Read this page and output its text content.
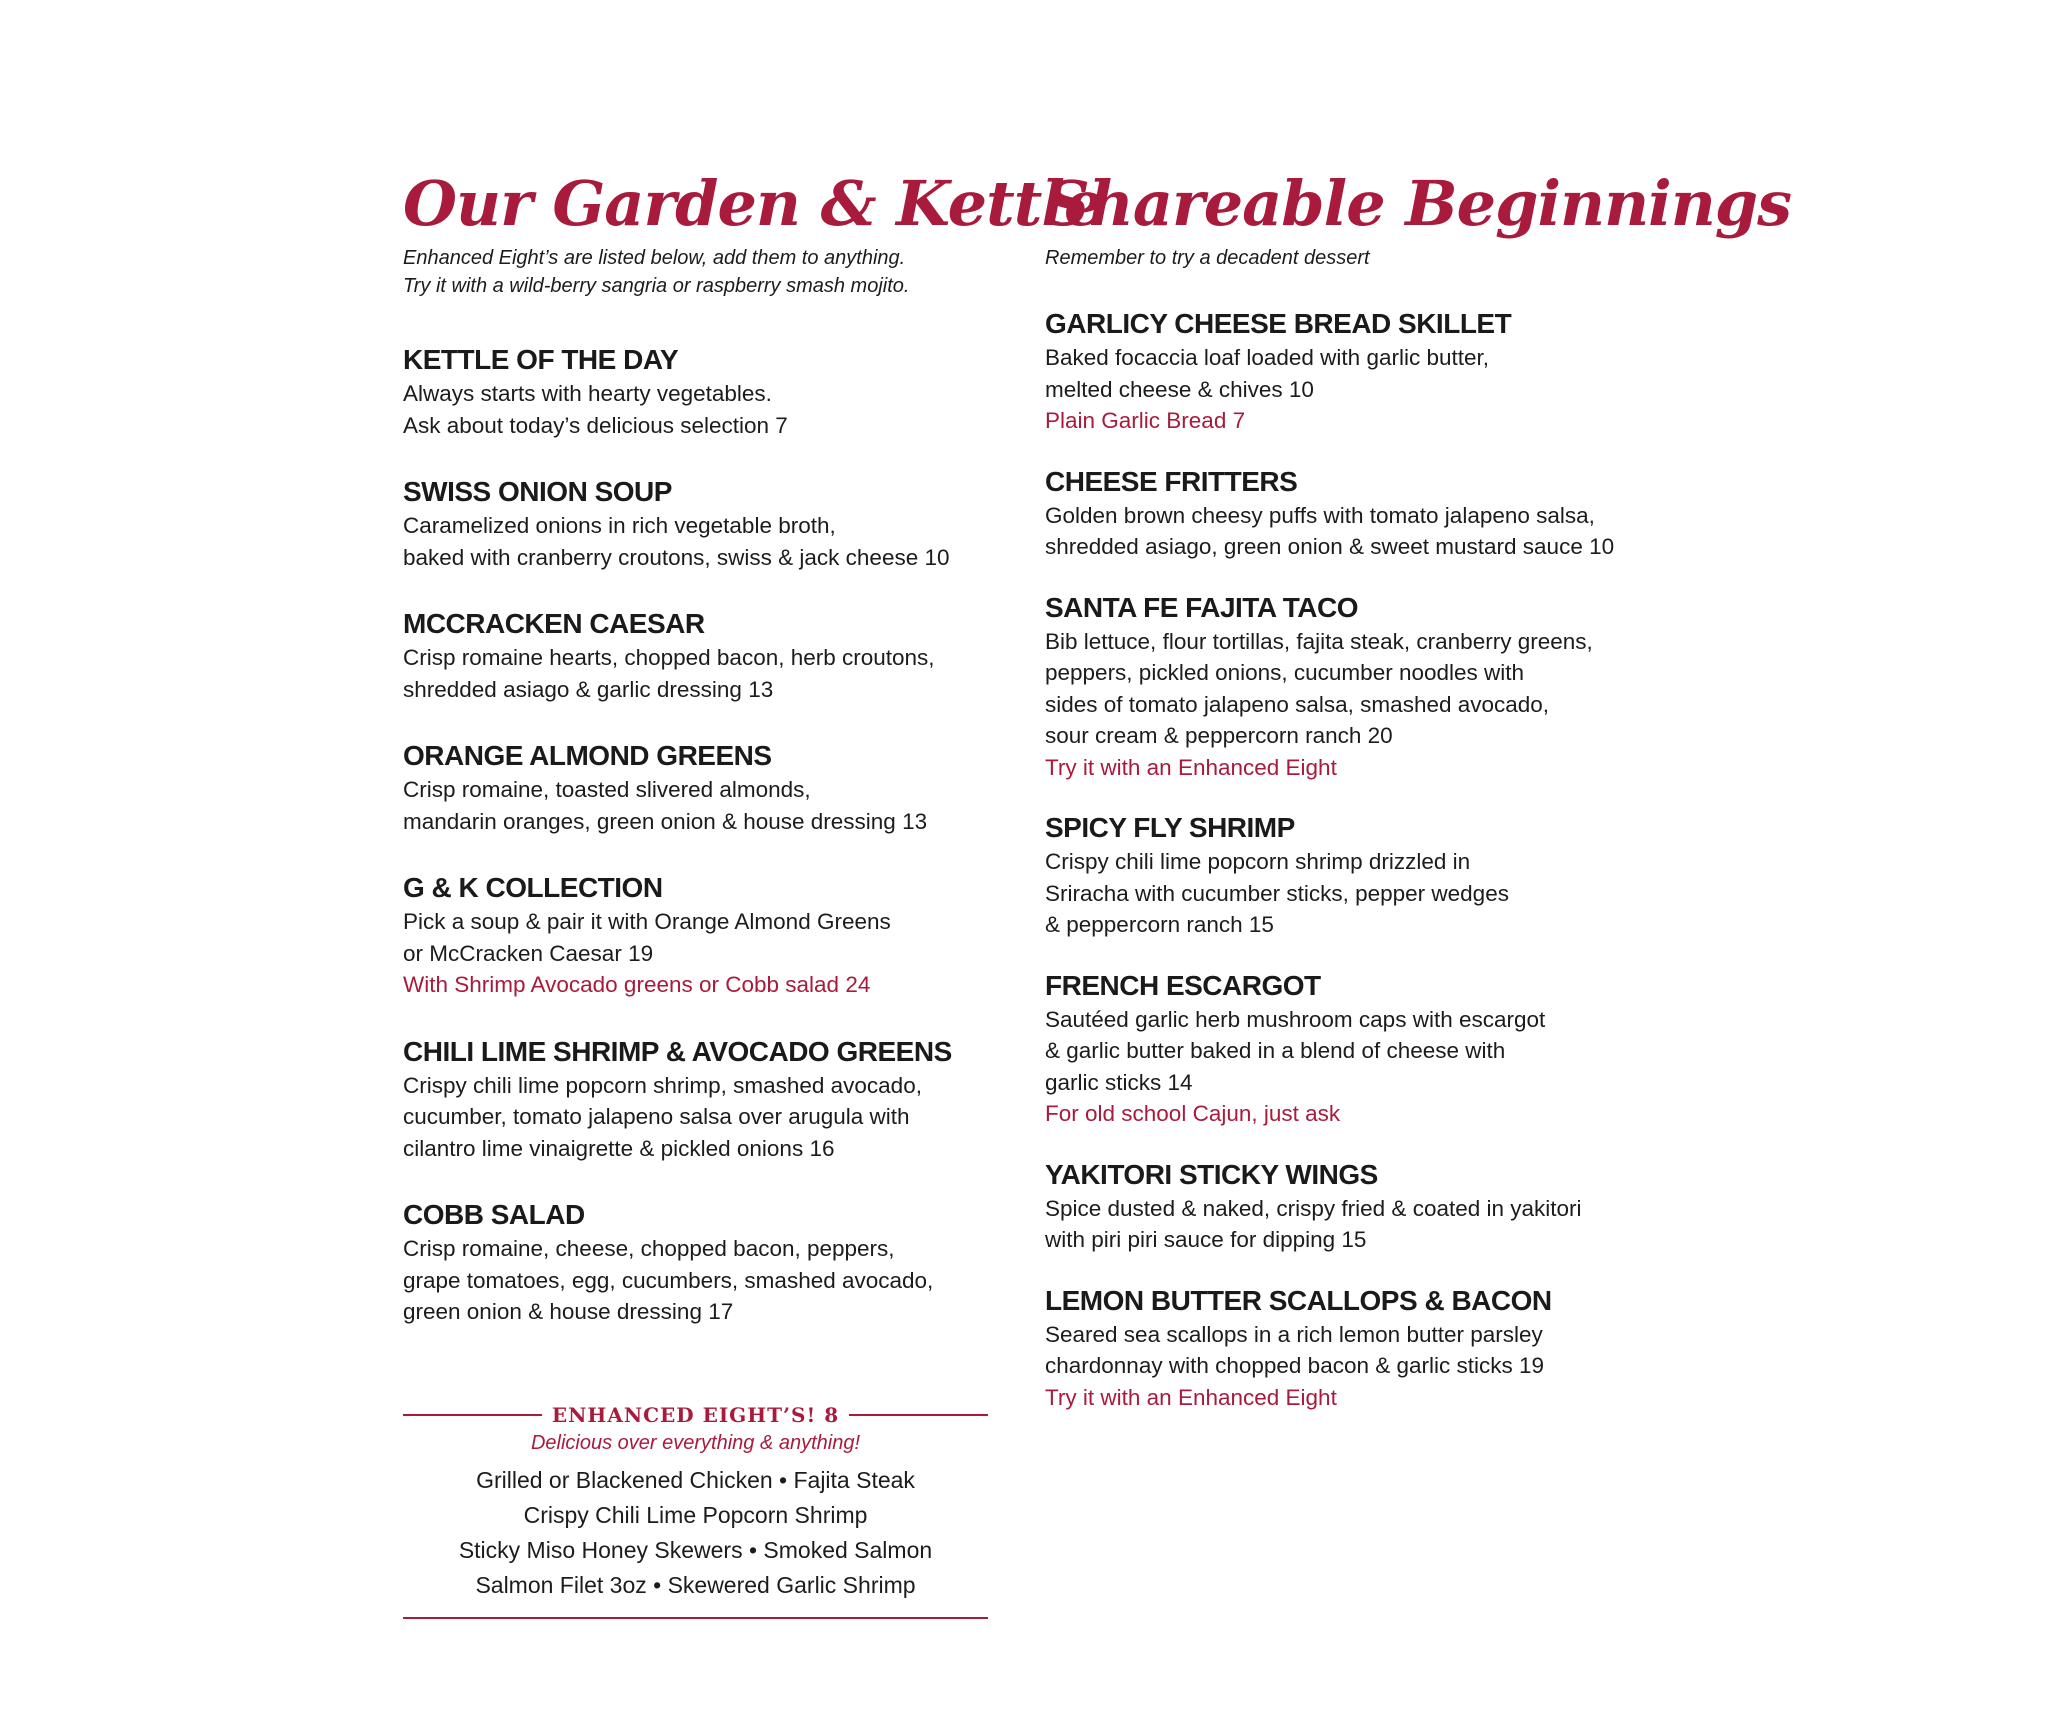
Our Garden & Kettle
Enhanced Eight’s are listed below, add them to anything.
Try it with a wild-berry sangria or raspberry smash mojito.
KETTLE OF THE DAY
Always starts with hearty vegetables.
Ask about today’s delicious selection 7
SWISS ONION SOUP
Caramelized onions in rich vegetable broth,
baked with cranberry croutons, swiss & jack cheese 10
MCCRACKEN CAESAR
Crisp romaine hearts, chopped bacon, herb croutons,
shredded asiago & garlic dressing 13
ORANGE ALMOND GREENS
Crisp romaine, toasted slivered almonds,
mandarin oranges, green onion & house dressing 13
G & K COLLECTION
Pick a soup & pair it with Orange Almond Greens
or McCracken Caesar 19
With Shrimp Avocado greens or Cobb salad 24
CHILI LIME SHRIMP & AVOCADO GREENS
Crispy chili lime popcorn shrimp, smashed avocado,
cucumber, tomato jalapeno salsa over arugula with
cilantro lime vinaigrette & pickled onions 16
COBB SALAD
Crisp romaine, cheese, chopped bacon, peppers,
grape tomatoes, egg, cucumbers, smashed avocado,
green onion & house dressing 17
ENHANCED EIGHT’S! 8
Delicious over everything & anything!
Grilled or Blackened Chicken • Fajita Steak
Crispy Chili Lime Popcorn Shrimp
Sticky Miso Honey Skewers • Smoked Salmon
Salmon Filet 3oz • Skewered Garlic Shrimp
Shareable Beginnings
Remember to try a decadent dessert
GARLICY CHEESE BREAD SKILLET
Baked focaccia loaf loaded with garlic butter,
melted cheese & chives 10
Plain Garlic Bread 7
CHEESE FRITTERS
Golden brown cheesy puffs with tomato jalapeno salsa,
shredded asiago, green onion & sweet mustard sauce 10
SANTA FE FAJITA TACO
Bib lettuce, flour tortillas, fajita steak, cranberry greens,
peppers, pickled onions, cucumber noodles with
sides of tomato jalapeno salsa, smashed avocado,
sour cream & peppercorn ranch 20
Try it with an Enhanced Eight
SPICY FLY SHRIMP
Crispy chili lime popcorn shrimp drizzled in
Sriracha with cucumber sticks, pepper wedges
& peppercorn ranch 15
FRENCH ESCARGOT
Sautéed garlic herb mushroom caps with escargot
& garlic butter baked in a blend of cheese with
garlic sticks 14
For old school Cajun, just ask
YAKITORI STICKY WINGS
Spice dusted & naked, crispy fried & coated in yakitori
with piri piri sauce for dipping 15
LEMON BUTTER SCALLOPS & BACON
Seared sea scallops in a rich lemon butter parsley
chardonnay with chopped bacon & garlic sticks 19
Try it with an Enhanced Eight
